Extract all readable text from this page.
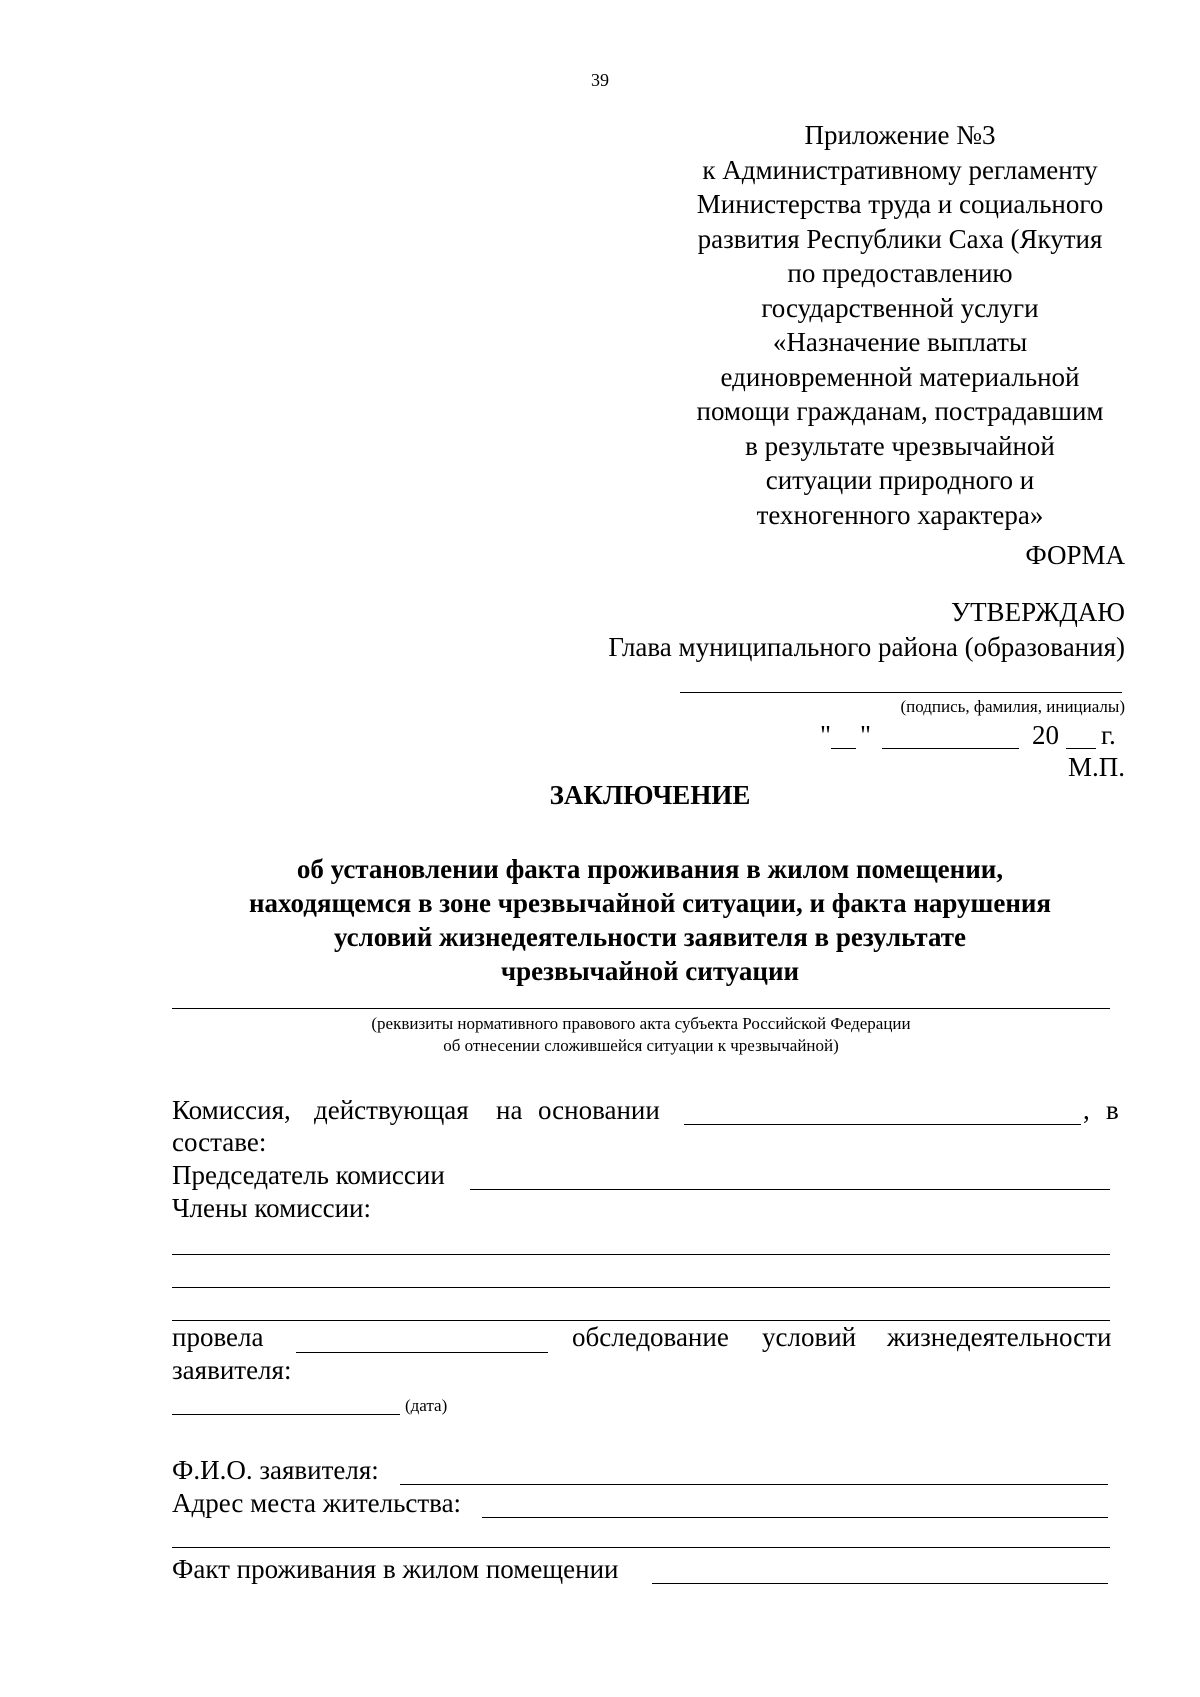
39
Приложение №3
к Административному регламенту
Министерства труда и социального
развития Республики Саха (Якутия
по предоставлению
государственной услуги
«Назначение выплаты
единовременной материальной
помощи гражданам, пострадавшим
в результате чрезвычайной
ситуации природного и
техногенного характера»
ФОРМА
УТВЕРЖДАЮ
Глава муниципального района (образования)
(подпись, фамилия, инициалы)
" "	20 г.
М.П.
ЗАКЛЮЧЕНИЕ
об установлении факта проживания в жилом помещении,
находящемся в зоне чрезвычайной ситуации, и факта нарушения
условий жизнедеятельности заявителя в результате
чрезвычайной ситуации
(реквизиты нормативного правового акта субъекта Российской Федерации
об отнесении сложившейся ситуации к чрезвычайной)
Комиссия, действующая на основании	, в
составе:
Председатель комиссии
Члены комиссии:
провела	обследование условий жизнедеятельности
заявителя:
(дата)
Ф.И.О. заявителя:
Адрес места жительства:
Факт проживания в жилом помещении
